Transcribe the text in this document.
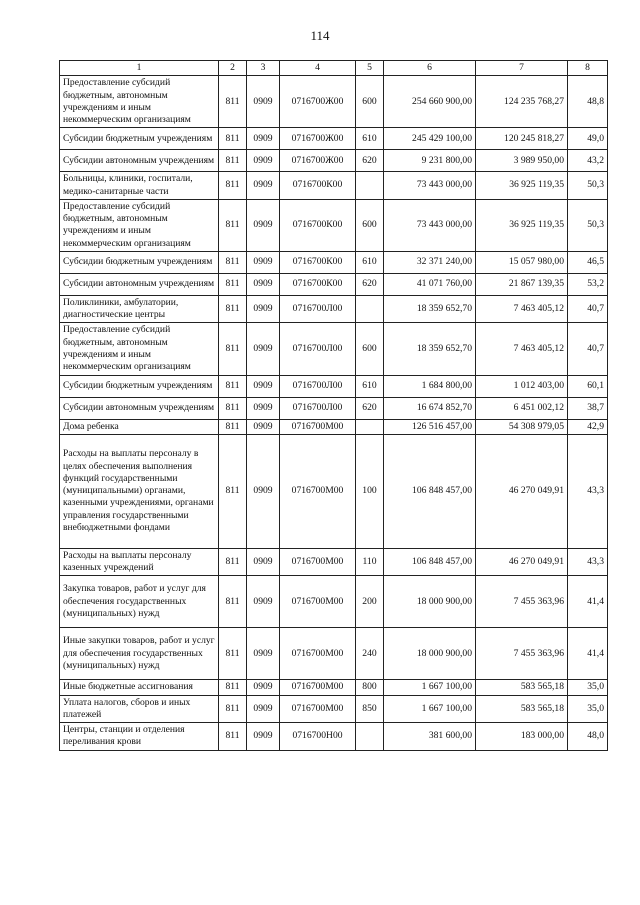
114
1	2	3	4	5	6	7	8
Предоставление субсидий бюджетным, автономным учреждениям и иным некоммерческим организациям	811	0909	0716700Ж00	600	254 660 900,00	124 235 768,27	48,8
Субсидии бюджетным учреждениям	811	0909	0716700Ж00	610	245 429 100,00	120 245 818,27	49,0
Субсидии автономным учреждениям	811	0909	0716700Ж00	620	9 231 800,00	3 989 950,00	43,2
Больницы, клиники, госпитали, медико-санитарные части	811	0909	0716700К00		73 443 000,00	36 925 119,35	50,3
Предоставление субсидий бюджетным, автономным учреждениям и иным некоммерческим организациям	811	0909	0716700К00	600	73 443 000,00	36 925 119,35	50,3
Субсидии бюджетным учреждениям	811	0909	0716700К00	610	32 371 240,00	15 057 980,00	46,5
Субсидии автономным учреждениям	811	0909	0716700К00	620	41 071 760,00	21 867 139,35	53,2
Поликлиники, амбулатории, диагностические центры	811	0909	0716700Л00		18 359 652,70	7 463 405,12	40,7
Предоставление субсидий бюджетным, автономным учреждениям и иным некоммерческим организациям	811	0909	0716700Л00	600	18 359 652,70	7 463 405,12	40,7
Субсидии бюджетным учреждениям	811	0909	0716700Л00	610	1 684 800,00	1 012 403,00	60,1
Субсидии автономным учреждениям	811	0909	0716700Л00	620	16 674 852,70	6 451 002,12	38,7
Дома ребенка	811	0909	0716700М00		126 516 457,00	54 308 979,05	42,9
Расходы на выплаты персоналу в целях обеспечения выполнения функций государственными (муниципальными) органами, казенными учреждениями, органами управления государственными внебюджетными фондами	811	0909	0716700М00	100	106 848 457,00	46 270 049,91	43,3
Расходы на выплаты персоналу казенных учреждений	811	0909	0716700М00	110	106 848 457,00	46 270 049,91	43,3
Закупка товаров, работ и услуг для обеспечения государственных (муниципальных) нужд	811	0909	0716700М00	200	18 000 900,00	7 455 363,96	41,4
Иные закупки товаров, работ и услуг для обеспечения государственных (муниципальных) нужд	811	0909	0716700М00	240	18 000 900,00	7 455 363,96	41,4
Иные бюджетные ассигнования	811	0909	0716700М00	800	1 667 100,00	583 565,18	35,0
Уплата налогов, сборов и иных платежей	811	0909	0716700М00	850	1 667 100,00	583 565,18	35,0
Центры, станции и отделения переливания крови	811	0909	0716700Н00		381 600,00	183 000,00	48,0
